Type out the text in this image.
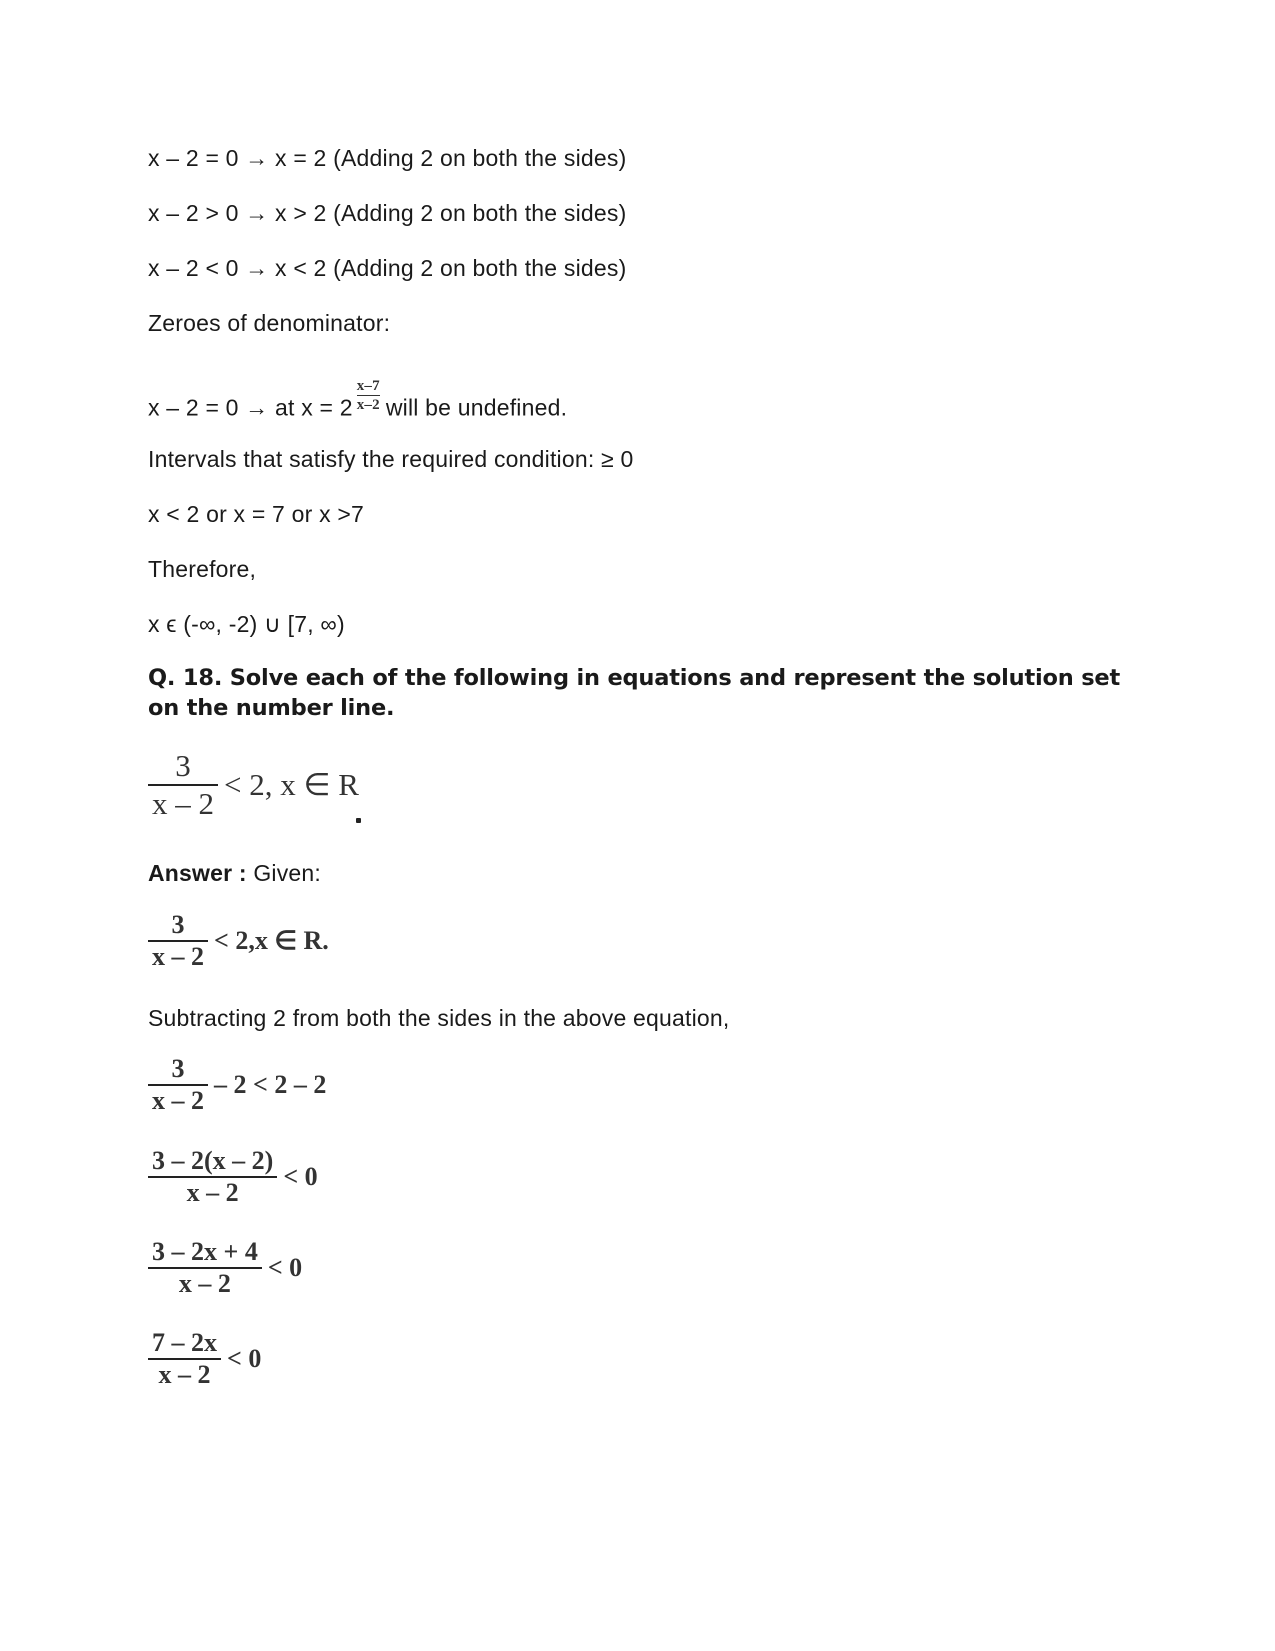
x – 2 = 0 → x = 2 (Adding 2 on both the sides)
x – 2 > 0 → x > 2 (Adding 2 on both the sides)
x – 2 < 0 → x < 2 (Adding 2 on both the sides)
Zeroes of denominator:
x – 2 = 0 → at $x = 2 \frac{x-7}{x-2}$ will be undefined.
Intervals that satisfy the required condition: ≥ 0
x < 2 or x = 7 or x >7
Therefore,
x ϵ (-∞, -2) ∪ [7, ∞)
Q. 18. Solve each of the following in equations and represent the solution set on the number line.
$\frac{3}{x - 2} < 2$, x ∈ R
Answer : Given:
$\frac{3}{x - 2} < 2,x$ ∈ R.
Subtracting 2 from both the sides in the above equation,
$\frac{3}{x - 2} - 2 < 2 - 2$
$\frac{3 - 2(x - 2)}{x - 2} < 0$
$\frac{3 - 2x + 4}{x - 2} < 0$
$\frac{7 - 2x}{x - 2} < 0$
